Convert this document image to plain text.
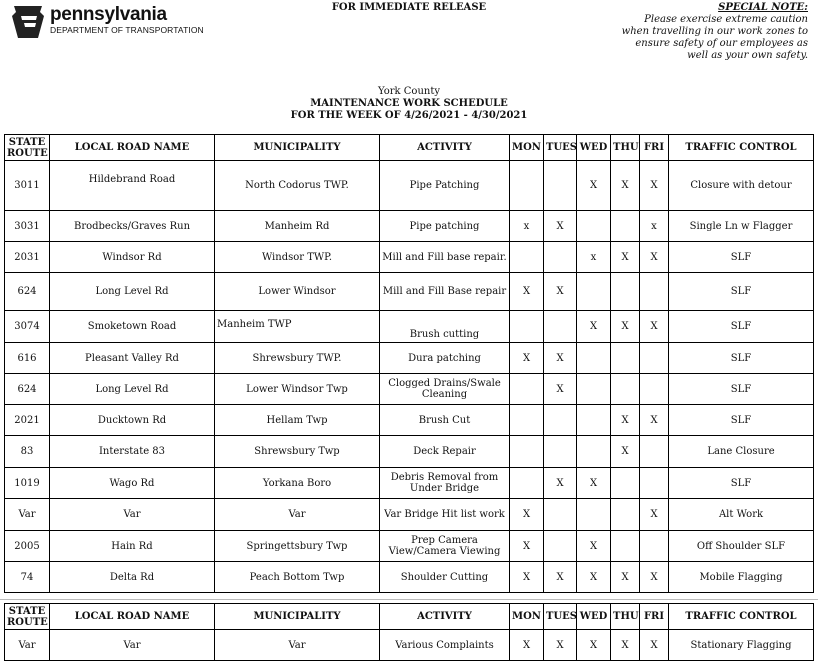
pennsylvania
DEPARTMENT OF TRANSPORTATION
FOR IMMEDIATE RELEASE	SPECIAL NOTE:
Please exercise extreme caution
when travelling in our work zones to
ensure safety of our employees as
well as your own safety.
York County
MAINTENANCE WORK SCHEDULE
FOR THE WEEK OF 4/26/2021 - 4/30/2021
STATE
ROUTE	LOCAL ROAD NAME	MUNICIPALITY	ACTIVITY	MON	TUES	WED	THU	FRI	TRAFFIC CONTROL
3011	Hildebrand Road	North Codorus TWP.	Pipe Patching			X	X	X	Closure with detour
3031	Brodbecks/Graves Run	Manheim Rd	Pipe patching	x	X			x	Single Ln w Flagger
2031	Windsor Rd	Windsor TWP.	Mill and Fill base repair.			x	X	X	SLF
624	Long Level Rd	Lower Windsor	Mill and Fill Base repair	X	X				SLF
3074	Smoketown Road	Manheim TWP	Brush cutting			X	X	X	SLF
616	Pleasant Valley Rd	Shrewsbury TWP.	Dura patching	X	X				SLF
624	Long Level Rd	Lower Windsor Twp	Clogged Drains/Swale Cleaning		X				SLF
2021	Ducktown Rd	Hellam Twp	Brush Cut				X	X	SLF
83	Interstate 83	Shrewsbury Twp	Deck Repair				X		Lane Closure
1019	Wago Rd	Yorkana Boro	Debris Removal from Under Bridge		X	X			SLF
Var	Var	Var	Var Bridge Hit list work	X				X	Alt Work
2005	Hain Rd	Springettsbury Twp	Prep Camera View/Camera Viewing	X		X			Off Shoulder SLF
74	Delta Rd	Peach Bottom Twp	Shoulder Cutting	X	X	X	X	X	Mobile Flagging
STATE
ROUTE	LOCAL ROAD NAME	MUNICIPALITY	ACTIVITY	MON	TUES	WED	THU	FRI	TRAFFIC CONTROL
Var	Var	Var	Various Complaints	X	X	X	X	X	Stationary Flagging
